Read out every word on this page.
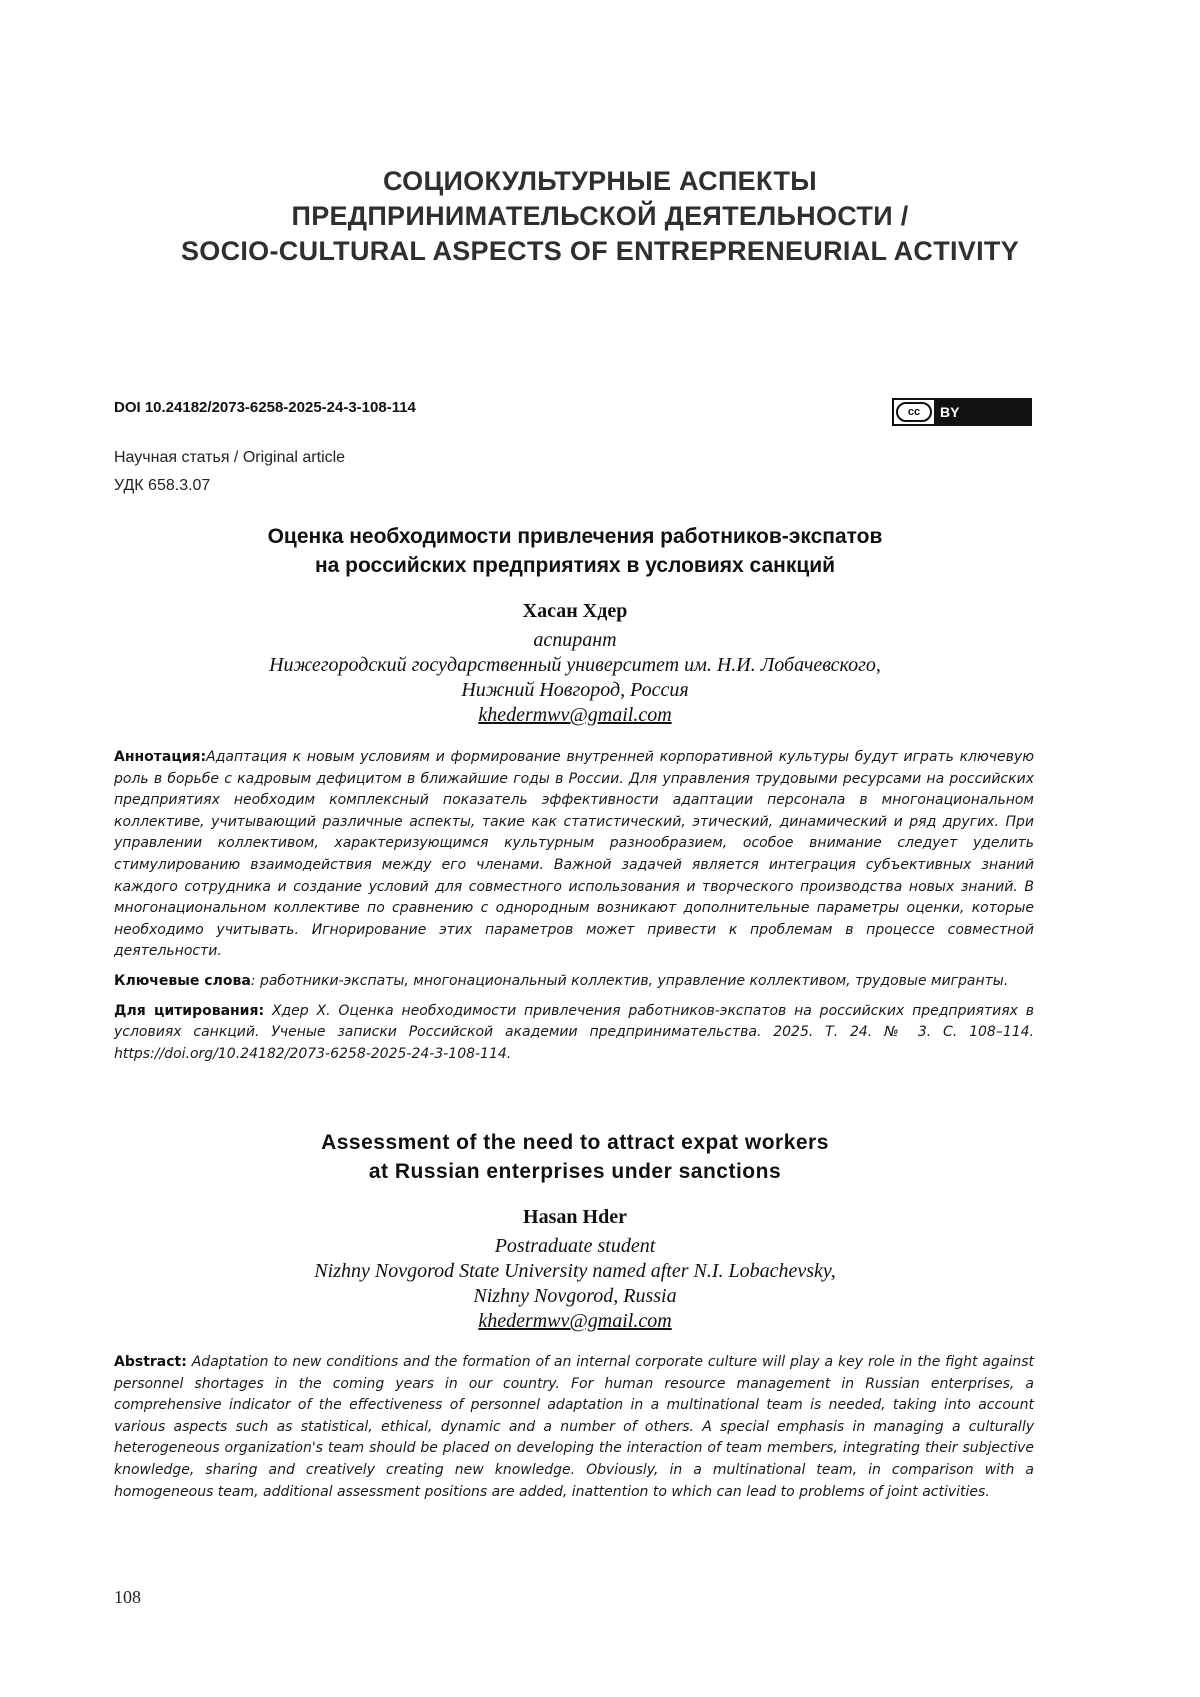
СОЦИОКУЛЬТУРНЫЕ АСПЕКТЫ
ПРЕДПРИНИМАТЕЛЬСКОЙ ДЕЯТЕЛЬНОСТИ /
SOCIO-CULTURAL ASPECTS OF ENTREPRENEURIAL ACTIVITY
DOI 10.24182/2073-6258-2025-24-3-108-114	cc	BY
Научная статья / Original article
УДК 658.3.07
Оценка необходимости привлечения работников-экспатов
на российских предприятиях в условиях санкций
Хасан Хдер
аспирант
Нижегородский государственный университет им. Н.И. Лобачевского,
Нижний Новгород, Россия
khedermwv@gmail.com

Аннотация:Адаптация к новым условиям и формирование внутренней корпоративной культуры будут играть ключевую роль в борьбе с кадровым дефицитом в ближайшие годы в России. Для управления трудовыми ресурсами на российских предприятиях необходим комплексный показатель эффективности адаптации персонала в многонациональном коллективе, учитывающий различные аспекты, такие как статистический, этический, динамический и ряд других. При управлении коллективом, характеризующимся культурным разнообразием, особое внимание следует уделить стимулированию взаимодействия между его членами. Важной задачей является интеграция субъективных знаний каждого сотрудника и создание условий для совместного использования и творческого производства новых знаний. В многонациональном коллективе по сравнению с однородным возникают дополнительные параметры оценки, которые необходимо учитывать. Игнорирование этих параметров может привести к проблемам в процессе совместной деятельности.

Ключевые слова: работники-экспаты, многонациональный коллектив, управление коллективом, трудовые мигранты.

Для цитирования: Хдер Х. Оценка необходимости привлечения работников-экспатов на российских предприятиях в условиях санкций. Ученые записки Российской академии предпринимательства. 2025. Т. 24. № 3. С. 108–114. https://doi.org/10.24182/2073-6258-2025-24-3-108-114.

Assessment of the need to attract expat workers
at Russian enterprises under sanctions
Hasan Hder
Postraduate student
Nizhny Novgorod State University named after N.I. Lobachevsky,
Nizhny Novgorod, Russia
khedermwv@gmail.com

Abstract: Adaptation to new conditions and the formation of an internal corporate culture will play a key role in the fight against personnel shortages in the coming years in our country. For human resource management in Russian enterprises, a comprehensive indicator of the effectiveness of personnel adaptation in a multinational team is needed, taking into account various aspects such as statistical, ethical, dynamic and a number of others. A special emphasis in managing a culturally heterogeneous organization's team should be placed on developing the interaction of team members, integrating their subjective knowledge, sharing and creatively creating new knowledge. Obviously, in a multinational team, in comparison with a homogeneous team, additional assessment positions are added, inattention to which can lead to problems of joint activities.

108
